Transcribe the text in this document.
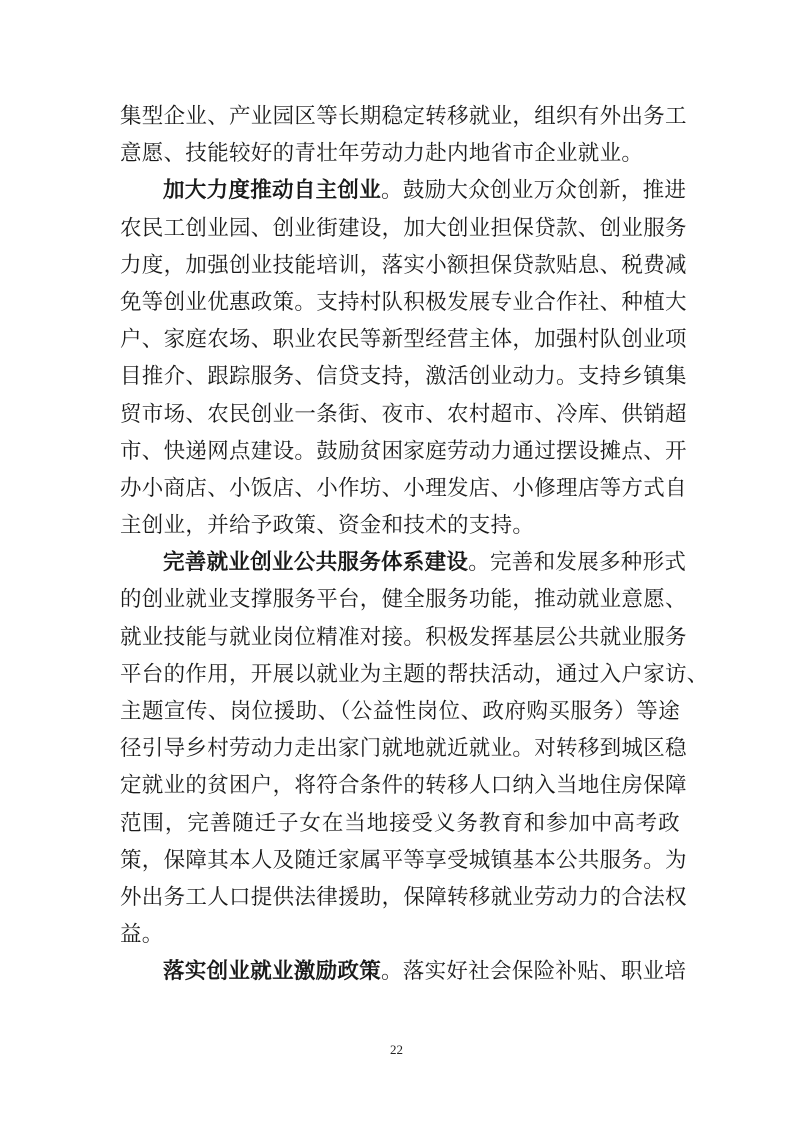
集型企业、产业园区等长期稳定转移就业，组织有外出务工
意愿、技能较好的青壮年劳动力赴内地省市企业就业。
加大力度推动自主创业。鼓励大众创业万众创新，推进
农民工创业园、创业街建设，加大创业担保贷款、创业服务
力度，加强创业技能培训，落实小额担保贷款贴息、税费减
免等创业优惠政策。支持村队积极发展专业合作社、种植大
户、家庭农场、职业农民等新型经营主体，加强村队创业项
目推介、跟踪服务、信贷支持，激活创业动力。支持乡镇集
贸市场、农民创业一条街、夜市、农村超市、冷库、供销超
市、快递网点建设。鼓励贫困家庭劳动力通过摆设摊点、开
办小商店、小饭店、小作坊、小理发店、小修理店等方式自
主创业，并给予政策、资金和技术的支持。
完善就业创业公共服务体系建设。完善和发展多种形式
的创业就业支撑服务平台，健全服务功能，推动就业意愿、
就业技能与就业岗位精准对接。积极发挥基层公共就业服务
平台的作用，开展以就业为主题的帮扶活动，通过入户家访、
主题宣传、岗位援助、（公益性岗位、政府购买服务）等途
径引导乡村劳动力走出家门就地就近就业。对转移到城区稳
定就业的贫困户，将符合条件的转移人口纳入当地住房保障
范围，完善随迁子女在当地接受义务教育和参加中高考政
策，保障其本人及随迁家属平等享受城镇基本公共服务。为
外出务工人口提供法律援助，保障转移就业劳动力的合法权
益。
落实创业就业激励政策。落实好社会保险补贴、职业培
22
